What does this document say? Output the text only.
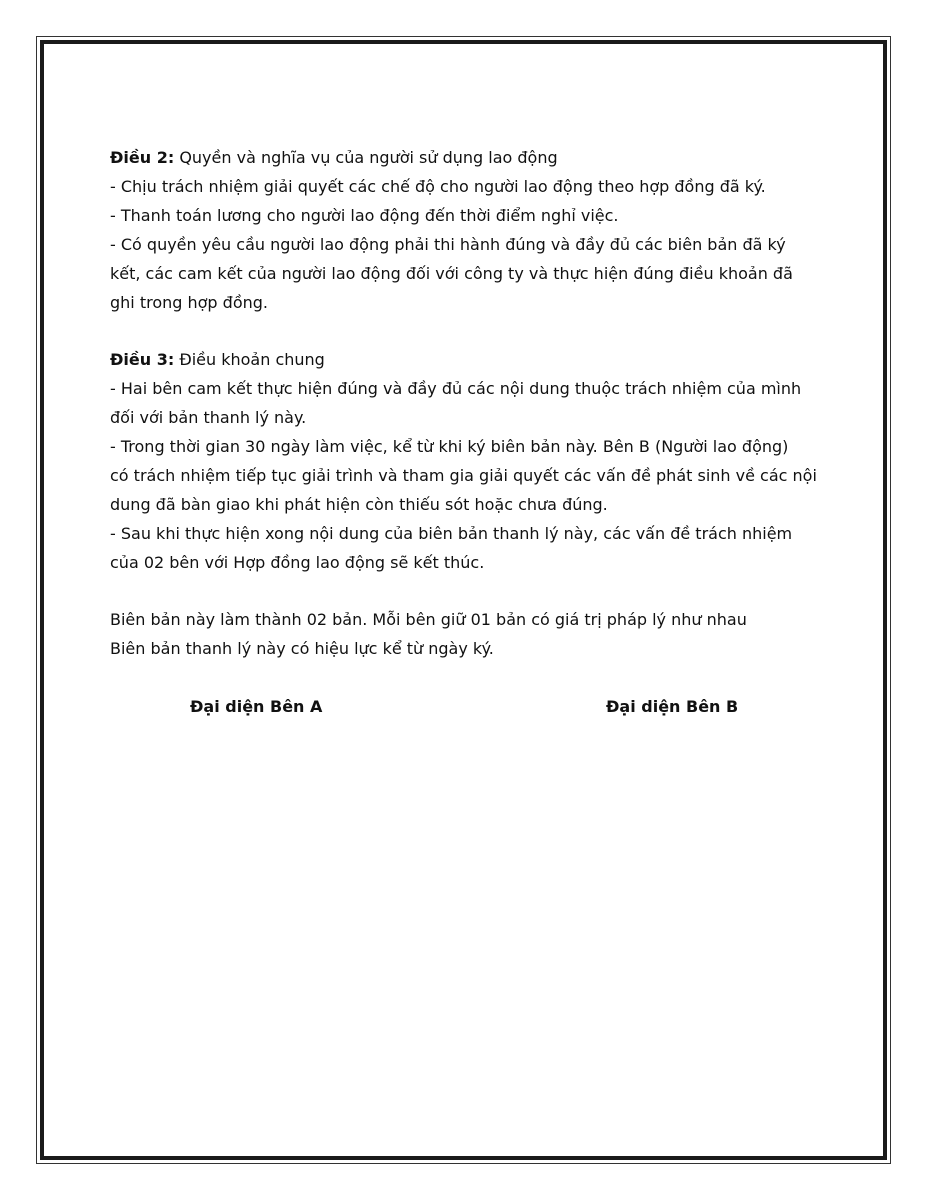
Điều 2: Quyền và nghĩa vụ của người sử dụng lao động
- Chịu trách nhiệm giải quyết các chế độ cho người lao động theo hợp đồng đã ký.
- Thanh toán lương cho người lao động đến thời điểm nghỉ việc.
- Có quyền yêu cầu người lao động phải thi hành đúng và đầy đủ các biên bản đã ký
kết, các cam kết của người lao động đối với công ty và thực hiện đúng điều khoản đã
ghi trong hợp đồng.
Điều 3: Điều khoản chung
- Hai bên cam kết thực hiện đúng và đầy đủ các nội dung thuộc trách nhiệm của mình
đối với bản thanh lý này.
- Trong thời gian 30 ngày làm việc, kể từ khi ký biên bản này. Bên B (Người lao động)
có trách nhiệm tiếp tục giải trình và tham gia giải quyết các vấn đề phát sinh về các nội
dung đã bàn giao khi phát hiện còn thiếu sót hoặc chưa đúng.
- Sau khi thực hiện xong nội dung của biên bản thanh lý này, các vấn đề trách nhiệm
của 02 bên với Hợp đồng lao động sẽ kết thúc.
Biên bản này làm thành 02 bản. Mỗi bên giữ 01 bản có giá trị pháp lý như nhau
Biên bản thanh lý này có hiệu lực kể từ ngày ký.
Đại diện Bên A	Đại diện Bên B
